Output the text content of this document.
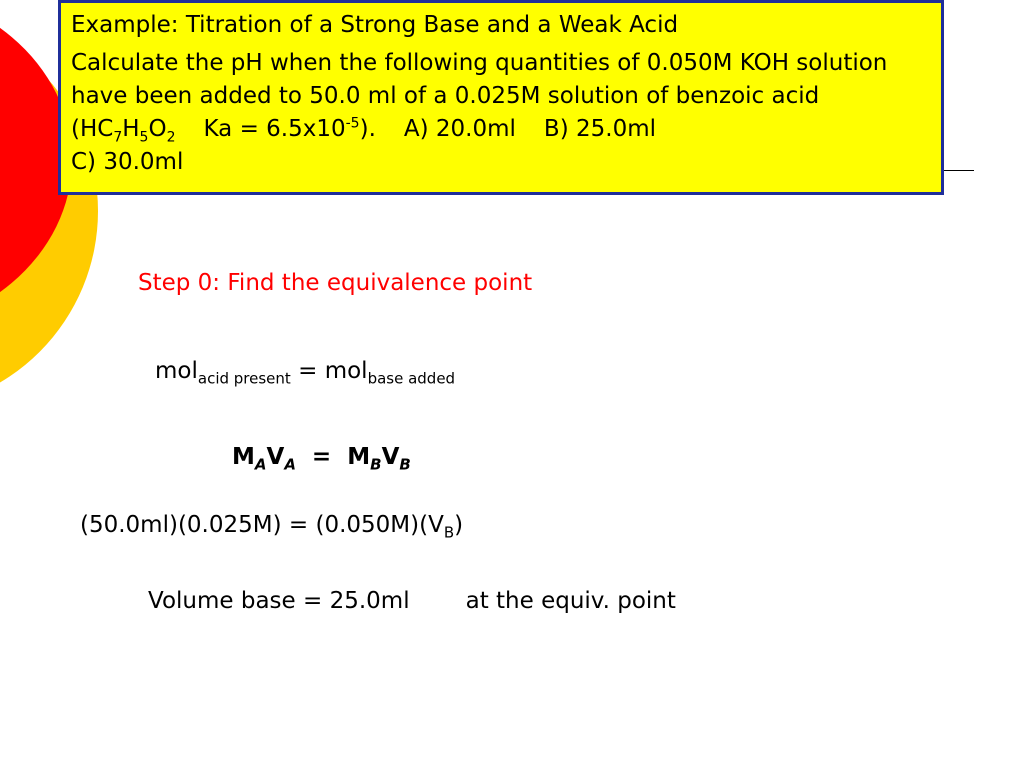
Example: Titration of a Strong Base and a Weak Acid

Calculate the pH when the following quantities of 0.050M KOH solution have been added to 50.0 ml of a 0.025M solution of benzoic acid ($HC_7H_5O_2$ $Ka = 6.5x10^{-5}$). A) 20.0ml B) 25.0ml
C) 30.0ml

Step 0: Find the equivalence point
mol$_{acid present}$ = mol$_{base added}$
$M_AV_A = M_BV_B$
$(50.0ml)(0.025M) = (0.050M)(V_B)$
Volume base = 25.0ml at the equiv. point
